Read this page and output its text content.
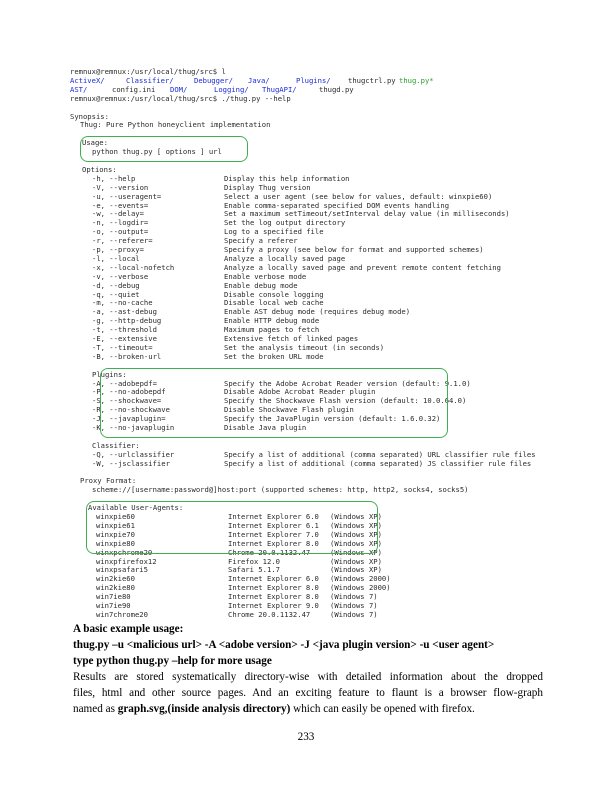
remnux@remnux:/usr/local/thug/src$ l
ActiveX/	Classifier/	Debugger/ Java/	Plugins/ thugctrl.py thug.py*
AST/	config.ini DOM/	Logging/ ThugAPI/	thugd.py
remnux@remnux:/usr/local/thug/src$ ./thug.py --help
Synopsis:
Thug: Pure Python honeyclient implementation
Usage:
python thug.py [ options ] url
Options:
-h, --help	Display this help information
-V, --version	Display Thug version
-u, --useragent=	Select a user agent (see below for values, default: winxpie60)
-e, --events=	Enable comma-separated specified DOM events handling
-w, --delay=	Set a maximum setTimeout/setInterval delay value (in milliseconds)
-n, --logdir=	Set the log output directory
-o, --output=	Log to a specified file
-r, --referer=	Specify a referer
-p, --proxy=	Specify a proxy (see below for format and supported schemes)
-l, --local	Analyze a locally saved page
-x, --local-nofetch	Analyze a locally saved page and prevent remote content fetching
-v, --verbose	Enable verbose mode
-d, --debug	Enable debug mode
-q, --quiet	Disable console logging
-m, --no-cache	Disable local web cache
-a, --ast-debug	Enable AST debug mode (requires debug mode)
-g, --http-debug	Enable HTTP debug mode
-t, --threshold	Maximum pages to fetch
-E, --extensive	Extensive fetch of linked pages
-T, --timeout=	Set the analysis timeout (in seconds)
-B, --broken-url	Set the broken URL mode
Plugins:
-A, --adobepdf=	Specify the Adobe Acrobat Reader version (default: 9.1.0)
-P, --no-adobepdf	Disable Adobe Acrobat Reader plugin
-S, --shockwave=	Specify the Shockwave Flash version (default: 10.0.64.0)
-R, --no-shockwave	Disable Shockwave Flash plugin
-J, --javaplugin=	Specify the JavaPlugin version (default: 1.6.0.32)
-K, --no-javaplugin	Disable Java plugin
Classifier:
-Q, --urlclassifier	Specify a list of additional (comma separated) URL classifier rule files
-W, --jsclassifier	Specify a list of additional (comma separated) JS classifier rule files
Proxy Format:
scheme://[username:password@]host:port (supported schemes: http, http2, socks4, socks5)
Available User-Agents:
winxpie60	Internet Explorer 6.0 (Windows XP)
winxpie61	Internet Explorer 6.1 (Windows XP)
winxpie70	Internet Explorer 7.0 (Windows XP)
winxpie80	Internet Explorer 8.0 (Windows XP)
winxpchrome20	Chrome 20.0.1132.47	(Windows XP)
winxpfirefox12	Firefox 12.0	(Windows XP)
winxpsafari5	Safari 5.1.7	(Windows XP)
win2kie60	Internet Explorer 6.0 (Windows 2000)
win2kie80	Internet Explorer 8.0 (Windows 2000)
win7ie80	Internet Explorer 8.0 (Windows 7)
win7ie90	Internet Explorer 9.0 (Windows 7)
win7chrome20	Chrome 20.0.1132.47	(Windows 7)
A basic example usage:
thug.py –u <malicious url> -A <adobe version> -J <java plugin version> -u <user agent>
type python thug.py –help for more usage
Results are stored systematically directory-wise with detailed information about the dropped
files, html and other source pages. And an exciting feature to flaunt is a browser flow-graph
named as graph.svg,(inside analysis directory) which can easily be opened with firefox.
233
